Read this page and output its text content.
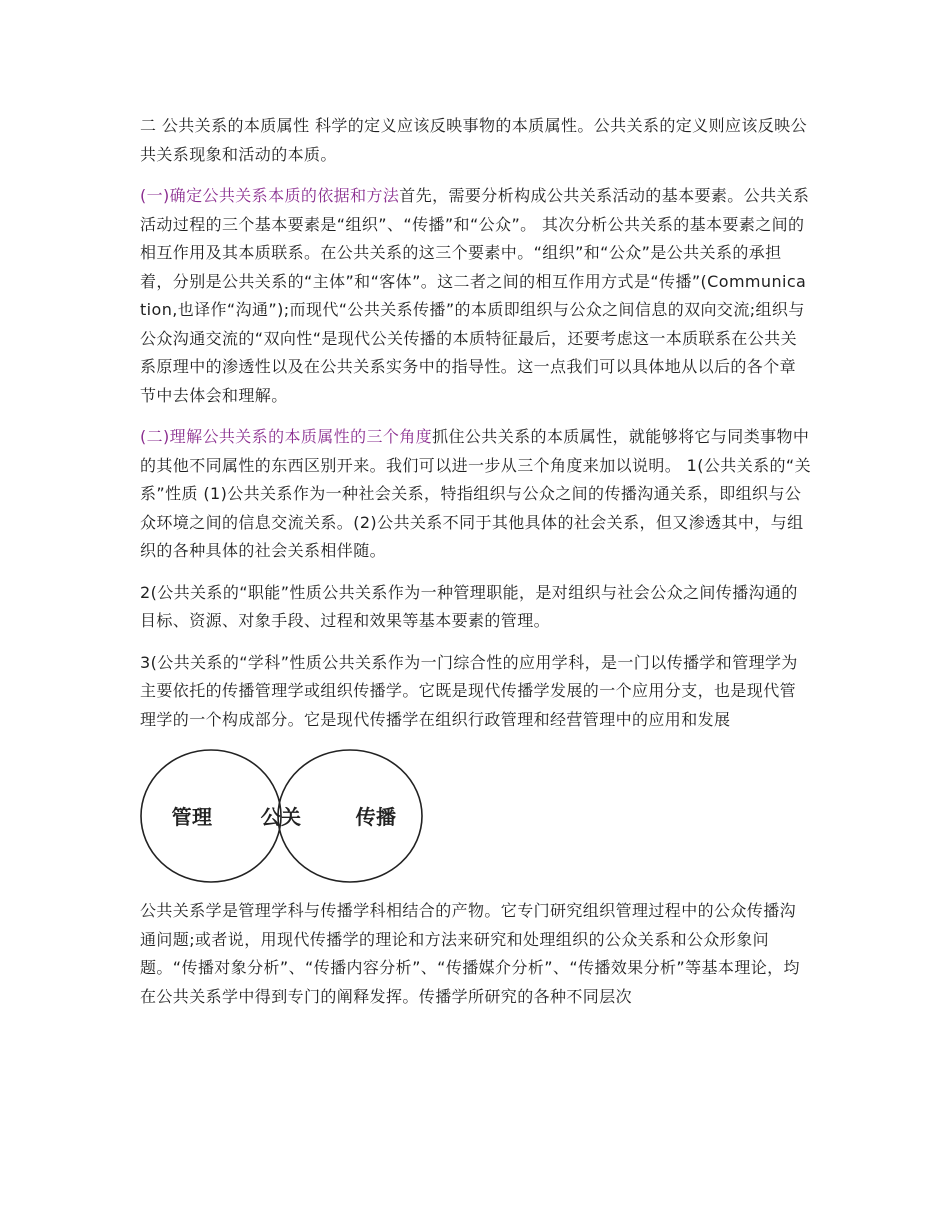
二 公共关系的本质属性 科学的定义应该反映事物的本质属性。公共关系的定义则应该反映公共关系现象和活动的本质。

(一)确定公共关系本质的依据和方法首先，需要分析构成公共关系活动的基本要素。公共关系活动过程的三个基本要素是“组织”、“传播”和“公众”。 其次分析公共关系的基本要素之间的相互作用及其本质联系。在公共关系的这三个要素中。“组织”和“公众”是公共关系的承担着，分别是公共关系的“主体”和“客体”。这二者之间的相互作用方式是“传播”(Communication,也译作“沟通”);而现代“公共关系传播”的本质即组织与公众之间信息的双向交流;组织与公众沟通交流的“双向性“是现代公关传播的本质特征最后，还要考虑这一本质联系在公共关系原理中的渗透性以及在公共关系实务中的指导性。这一点我们可以具体地从以后的各个章节中去体会和理解。

(二)理解公共关系的本质属性的三个角度抓住公共关系的本质属性，就能够将它与同类事物中的其他不同属性的东西区别开来。我们可以进一步从三个角度来加以说明。 1(公共关系的“关系”性质 (1)公共关系作为一种社会关系，特指组织与公众之间的传播沟通关系，即组织与公众环境之间的信息交流关系。(2)公共关系不同于其他具体的社会关系，但又渗透其中，与组织的各种具体的社会关系相伴随。

2(公共关系的“职能”性质公共关系作为一种管理职能，是对组织与社会公众之间传播沟通的目标、资源、对象手段、过程和效果等基本要素的管理。

3(公共关系的“学科”性质公共关系作为一门综合性的应用学科，是一门以传播学和管理学为主要依托的传播管理学或组织传播学。它既是现代传播学发展的一个应用分支，也是现代管理学的一个构成部分。它是现代传播学在组织行政管理和经营管理中的应用和发展

管理 公关	传播

公共关系学是管理学科与传播学科相结合的产物。它专门研究组织管理过程中的公众传播沟通问题;或者说，用现代传播学的理论和方法来研究和处理组织的公众关系和公众形象问题。“传播对象分析”、“传播内容分析”、“传播媒介分析”、“传播效果分析”等基本理论，均在公共关系学中得到专门的阐释发挥。传播学所研究的各种不同层次
